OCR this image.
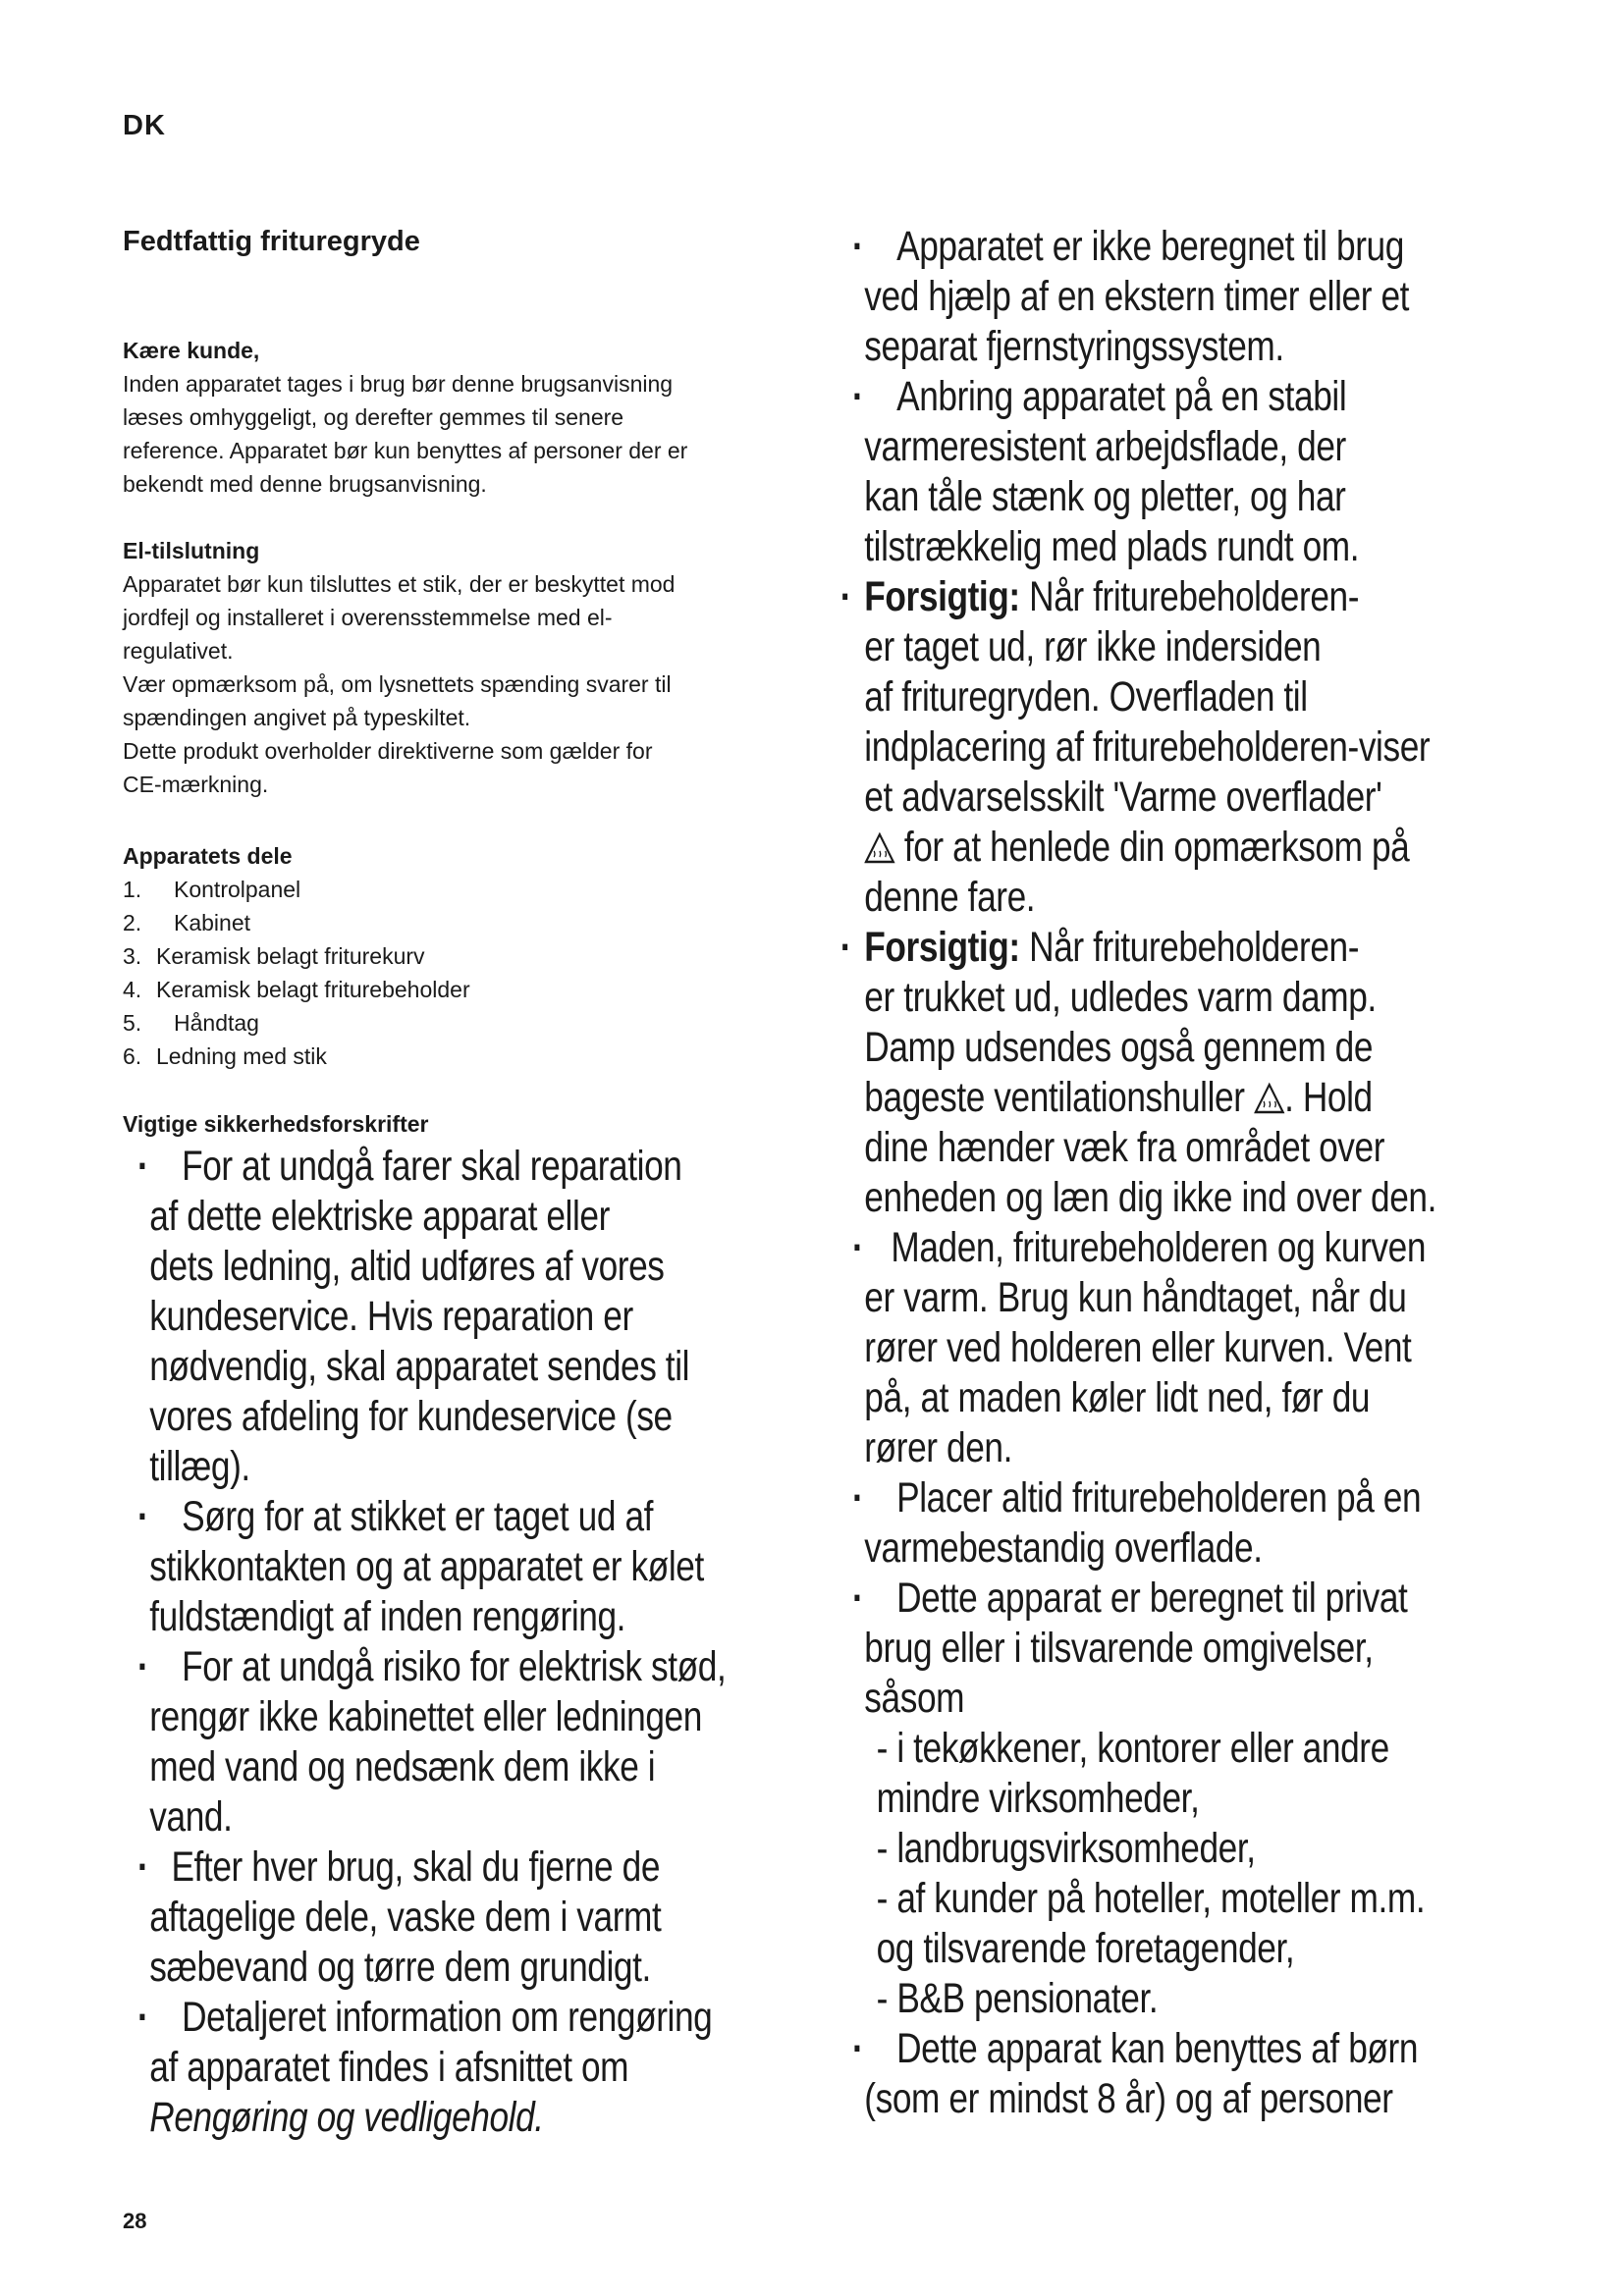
DK
Fedtfattig frituregryde
Kære kunde,
Inden apparatet tages i brug bør denne brugsanvisning
læses omhyggeligt, og derefter gemmes til senere
reference. Apparatet bør kun benyttes af personer der er
bekendt med denne brugsanvisning.
El-tilslutning
Apparatet bør kun tilsluttes et stik, der er beskyttet mod
jordfejl og installeret i overensstemmelse med el-
regulativet.
Vær opmærksom på, om lysnettets spænding svarer til
spændingen angivet på typeskiltet.
Dette produkt overholder direktiverne som gælder for
CE-mærkning.
Apparatets dele
1.	Kontrolpanel
2.	Kabinet
3. Keramisk belagt friturekurv
4. Keramisk belagt friturebeholder
5.	Håndtag
6. Ledning med stik
Vigtige sikkerhedsforskrifter
· For at undgå farer skal reparation
af dette elektriske apparat eller
dets ledning, altid udføres af vores
kundeservice. Hvis reparation er
nødvendig, skal apparatet sendes til
vores afdeling for kundeservice (se
tillæg).
· Sørg for at stikket er taget ud af
stikkontakten og at apparatet er kølet
fuldstændigt af inden rengøring.
· For at undgå risiko for elektrisk stød,
rengør ikke kabinettet eller ledningen
med vand og nedsænk dem ikke i
vand.
· Efter hver brug, skal du fjerne de
aftagelige dele, vaske dem i varmt
sæbevand og tørre dem grundigt.
· Detaljeret information om rengøring
af apparatet findes i afsnittet om
Rengøring og vedligehold.
· Apparatet er ikke beregnet til brug
ved hjælp af en ekstern timer eller et
separat fjernstyringssystem.
· Anbring apparatet på en stabil
varmeresistent arbejdsflade, der
kan tåle stænk og pletter, og har
tilstrækkelig med plads rundt om.
· Forsigtig: Når friturebeholderen-
er taget ud, rør ikke indersiden
af frituregryden. Overfladen til
indplacering af friturebeholderen-viser
et advarselsskilt 'Varme overflader'
for at henlede din opmærksom på
denne fare.
· Forsigtig: Når friturebeholderen-
er trukket ud, udledes varm damp.
Damp udsendes også gennem de
bageste ventilationshuller . Hold
dine hænder væk fra området over
enheden og læn dig ikke ind over den.
· Maden, friturebeholderen og kurven
er varm. Brug kun håndtaget, når du
rører ved holderen eller kurven. Vent
på, at maden køler lidt ned, før du
rører den.
· Placer altid friturebeholderen på en
varmebestandig overflade.
· Dette apparat er beregnet til privat
brug eller i tilsvarende omgivelser,
såsom
- i tekøkkener, kontorer eller andre
mindre virksomheder,
- landbrugsvirksomheder,
- af kunder på hoteller, moteller m.m.
og tilsvarende foretagender,
- B&B pensionater.
· Dette apparat kan benyttes af børn
(som er mindst 8 år) og af personer
28
